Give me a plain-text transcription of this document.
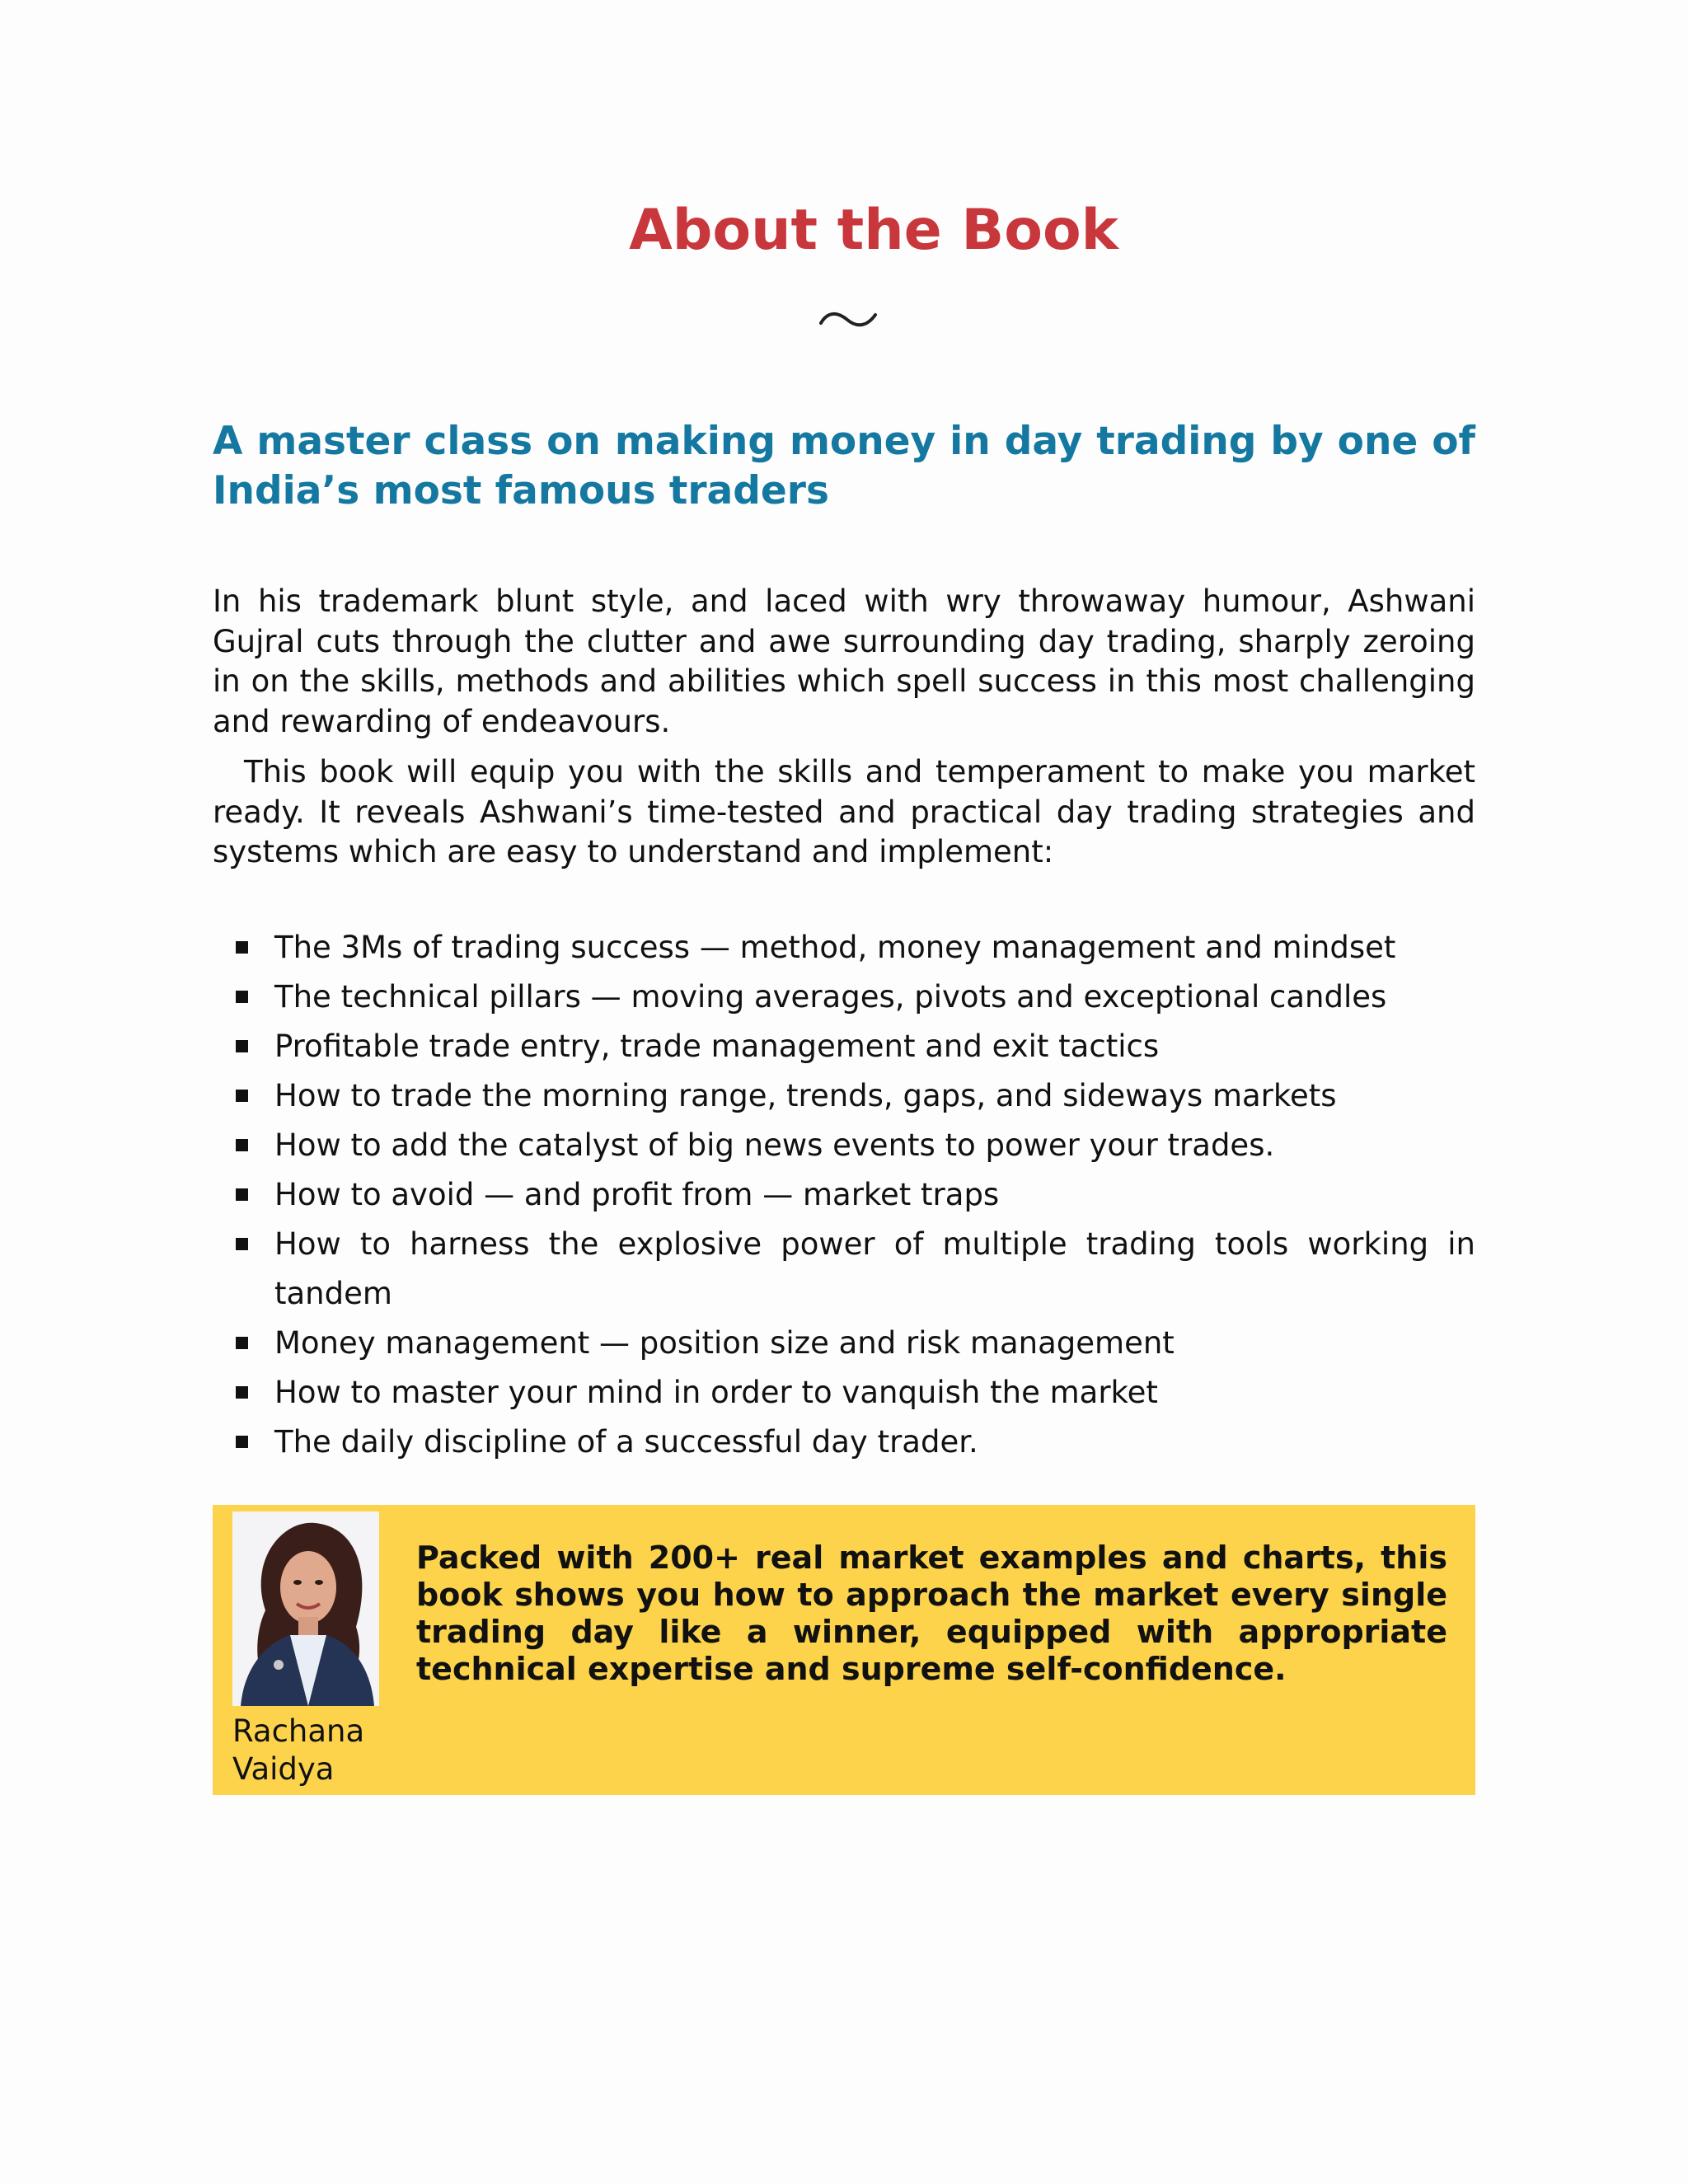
About the Book
A master class on making money in day trading by one of India’s most famous traders

In his trademark blunt style, and laced with wry throwaway humour, Ashwani Gujral cuts through the clutter and awe surrounding day trading, sharply zeroing in on the skills, methods and abilities which spell success in this most challenging and rewarding of endeavours.

This book will equip you with the skills and temperament to make you market ready. It reveals Ashwani’s time-tested and practical day trading strategies and systems which are easy to understand and implement:

The 3Ms of trading success — method, money management and mindset
The technical pillars — moving averages, pivots and exceptional candles
Profitable trade entry, trade management and exit tactics
How to trade the morning range, trends, gaps, and sideways markets
How to add the catalyst of big news events to power your trades.
How to avoid — and profit from — market traps
How to harness the explosive power of multiple trading tools working in tandem
Money management — position size and risk management
How to master your mind in order to vanquish the market
The daily discipline of a successful day trader.
Rachana
Vaidya

Packed with 200+ real market examples and charts, this book shows you how to approach the market every single trading day like a winner, equipped with appropriate technical expertise and supreme self-confidence.
